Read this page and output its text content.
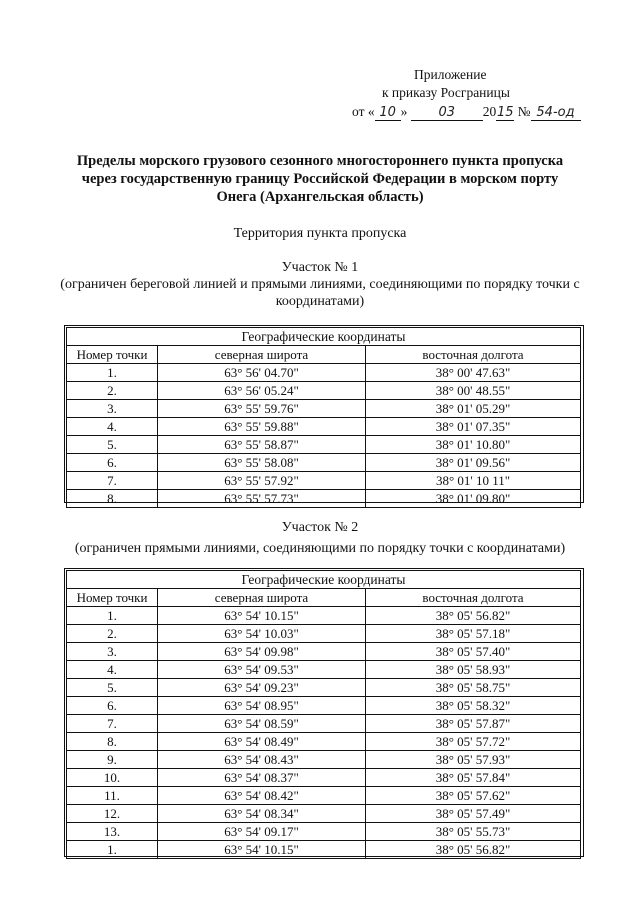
Приложение
к приказу Росграницы
от « 10 » 03 2015 № 54-од
Пределы морского грузового сезонного многостороннего пункта пропуска
через государственную границу Российской Федерации в морском порту
Онега (Архангельская область)
Территория пункта пропуска
Участок № 1
(ограничен береговой линией и прямыми линиями, соединяющими по порядку точки с
координатами)
Географические координаты		
Номер точки	северная широта	восточная долгота
1.	63° 56' 04.70"	38° 00' 47.63"
2.	63° 56' 05.24"	38° 00' 48.55"
3.	63° 55' 59.76"	38° 01' 05.29"
4.	63° 55' 59.88"	38° 01' 07.35"
5.	63° 55' 58.87"	38° 01' 10.80"
6.	63° 55' 58.08"	38° 01' 09.56"
7.	63° 55' 57.92"	38° 01' 10 11"
8.	63° 55' 57.73"	38° 01' 09.80"
Участок № 2
(ограничен прямыми линиями, соединяющими по порядку точки с координатами)
Географические координаты		
Номер точки	северная широта	восточная долгота
1.	63° 54' 10.15"	38° 05' 56.82"
2.	63° 54' 10.03"	38° 05' 57.18"
3.	63° 54' 09.98"	38° 05' 57.40"
4.	63° 54' 09.53"	38° 05' 58.93"
5.	63° 54' 09.23"	38° 05' 58.75"
6.	63° 54' 08.95"	38° 05' 58.32"
7.	63° 54' 08.59"	38° 05' 57.87"
8.	63° 54' 08.49"	38° 05' 57.72"
9.	63° 54' 08.43"	38° 05' 57.93"
10.	63° 54' 08.37"	38° 05' 57.84"
11.	63° 54' 08.42"	38° 05' 57.62"
12.	63° 54' 08.34"	38° 05' 57.49"
13.	63° 54' 09.17"	38° 05' 55.73"
1.	63° 54' 10.15"	38° 05' 56.82"
